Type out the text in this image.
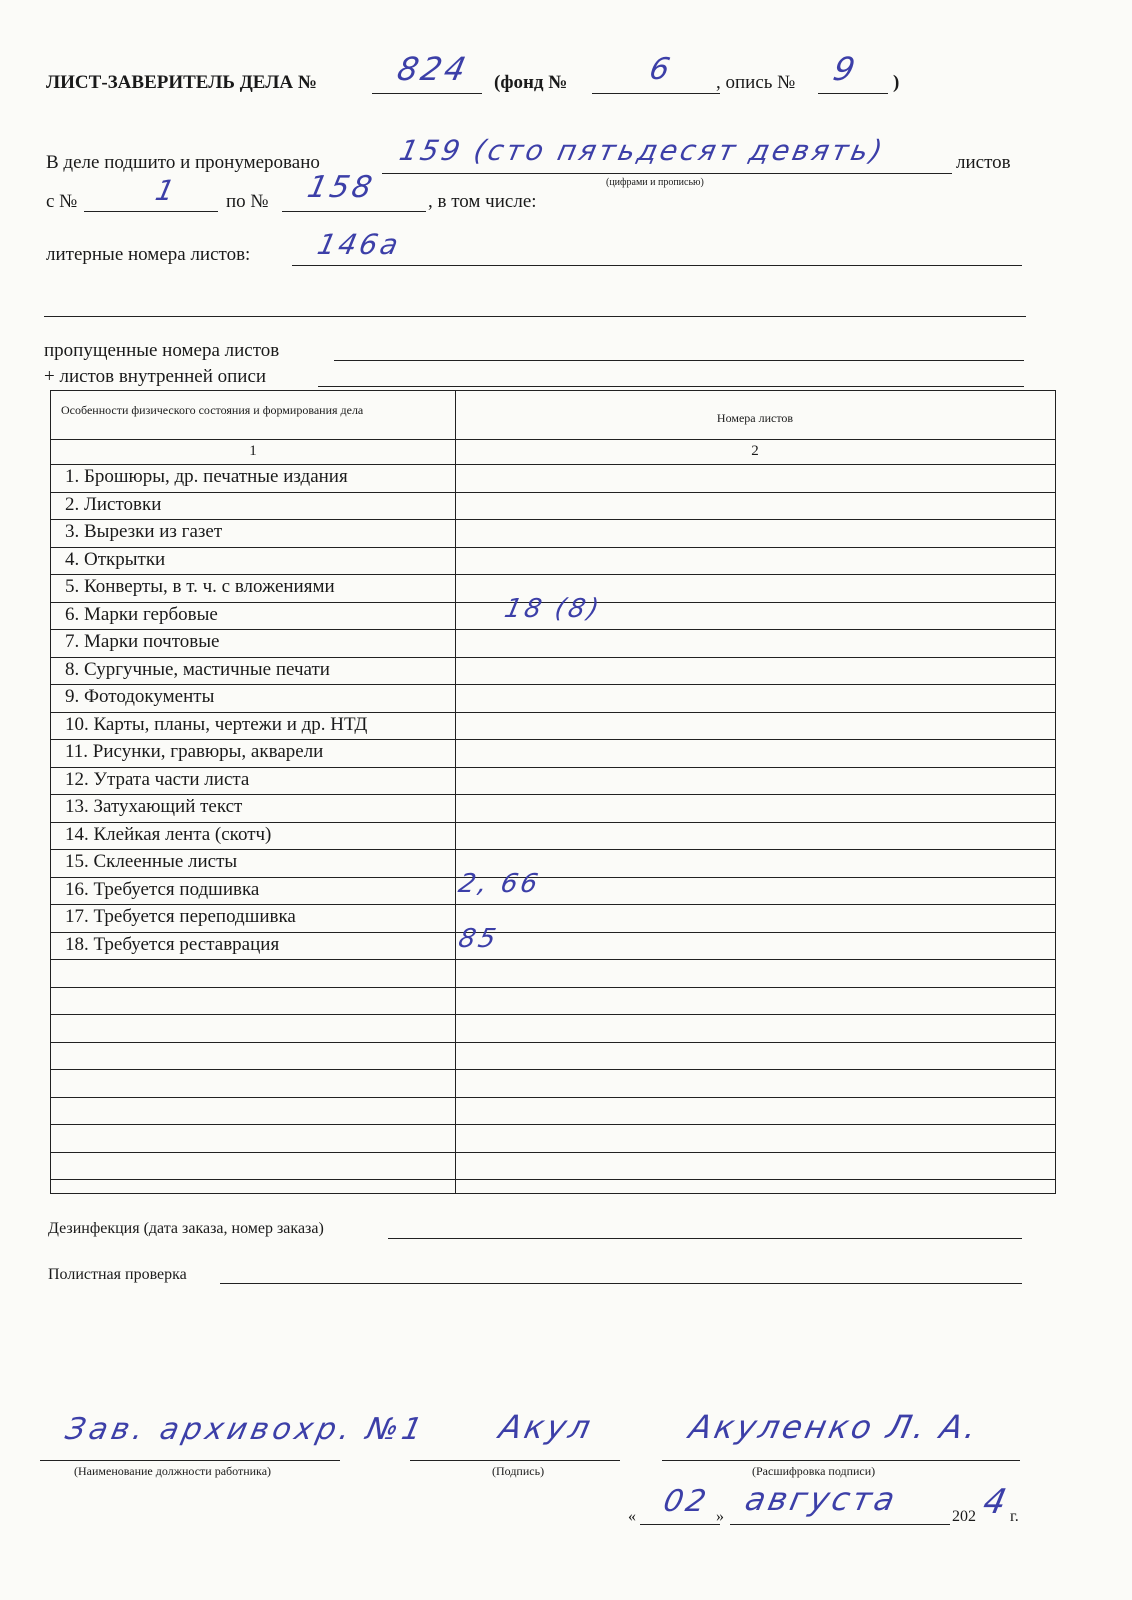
ЛИСТ-ЗАВЕРИТЕЛЬ ДЕЛА № 824 (фонд №	6 , опись № 9 )
В деле подшито и пронумеровано	159 (сто пятьдесят девять)	листов
(цифрами и прописью)
с №	1 по № 158	, в том числе:
литерные номера листов: 146а
пропущенные номера листов
+ листов внутренней описи
Особенности физического состояния и формирования дела
Номера листов
1	2
1. Брошюры, др. печатные издания
2. Листовки
3. Вырезки из газет
4. Открытки
5. Конверты, в т. ч. с вложениями
6. Марки гербовые	18 (8)
7. Марки почтовые
8. Сургучные, мастичные печати
9. Фотодокументы
10. Карты, планы, чертежи и др. НТД
11. Рисунки, гравюры, акварели
12. Утрата части листа
13. Затухающий текст
14. Клейкая лента (скотч)
15. Склеенные листы
16. Требуется подшивка	2, 66
17. Требуется переподшивка
18. Требуется реставрация	85
Дезинфекция (дата заказа, номер заказа)
Полистная проверка
Зав. архивохр. №1
(Наименование должности работника)
Акул
(Подпись)
Акуленко Л. А.
(Расшифровка подписи)
« 02 » августа	202 4
г.
